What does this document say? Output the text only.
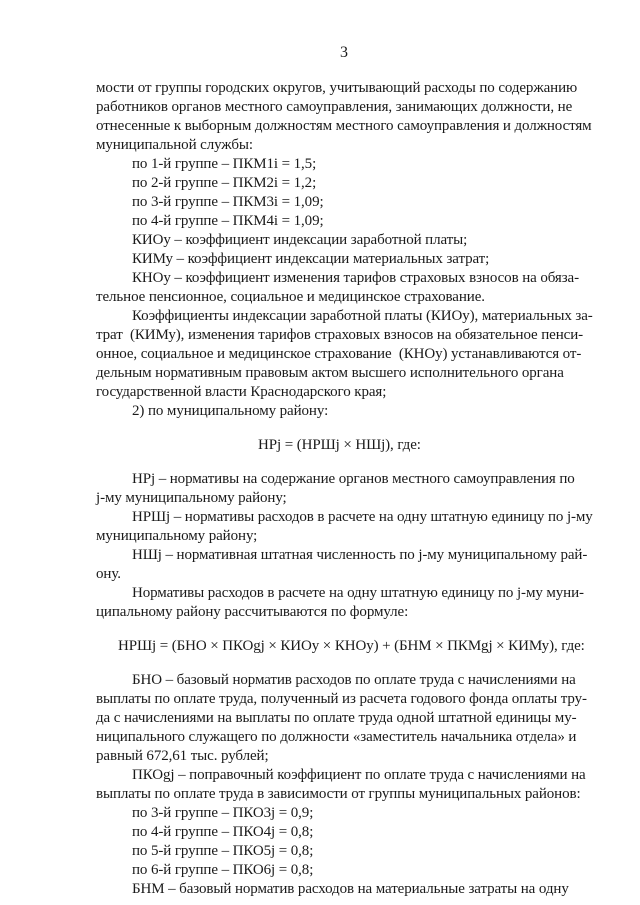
3
мости от группы городских округов, учитывающий расходы по содержанию
работников органов местного самоуправления, занимающих должности, не
отнесенные к выборным должностям местного самоуправления и должностям
муниципальной службы:
по 1-й группе – ПКМ1i = 1,5;
по 2-й группе – ПКМ2i = 1,2;
по 3-й группе – ПКМ3i = 1,09;
по 4-й группе – ПКМ4i = 1,09;
КИОу – коэффициент индексации заработной платы;
КИМу – коэффициент индексации материальных затрат;
КНОу – коэффициент изменения тарифов страховых взносов на обяза-
тельное пенсионное, социальное и медицинское страхование.
Коэффициенты индексации заработной платы (КИОу), материальных за-
трат  (КИМу), изменения тарифов страховых взносов на обязательное пенси-
онное, социальное и медицинское страхование  (КНОу) устанавливаются от-
дельным нормативным правовым актом высшего исполнительного органа
государственной власти Краснодарского края;
2) по муниципальному району:
НРj = (НРШj × НШj), где:
НРj – нормативы на содержание органов местного самоуправления по
j-му муниципальному району;
НРШj – нормативы расходов в расчете на одну штатную единицу по j-му
муниципальному району;
НШj – нормативная штатная численность по j-му муниципальному рай-
ону.
Нормативы расходов в расчете на одну штатную единицу по j-му муни-
ципальному району рассчитываются по формуле:
НРШj = (БНО × ПКОgj × КИОу × КНОу) + (БНМ × ПКМgj × КИМу), где:
БНО – базовый норматив расходов по оплате труда с начислениями на
выплаты по оплате труда, полученный из расчета годового фонда оплаты тру-
да с начислениями на выплаты по оплате труда одной штатной единицы му-
ниципального служащего по должности «заместитель начальника отдела» и
равный 672,61 тыс. рублей;
ПКОgj – поправочный коэффициент по оплате труда с начислениями на
выплаты по оплате труда в зависимости от группы муниципальных районов:
по 3-й группе – ПКО3j = 0,9;
по 4-й группе – ПКО4j = 0,8;
по 5-й группе – ПКО5j = 0,8;
по 6-й группе – ПКО6j = 0,8;
БНМ – базовый норматив расходов на материальные затраты на одну
